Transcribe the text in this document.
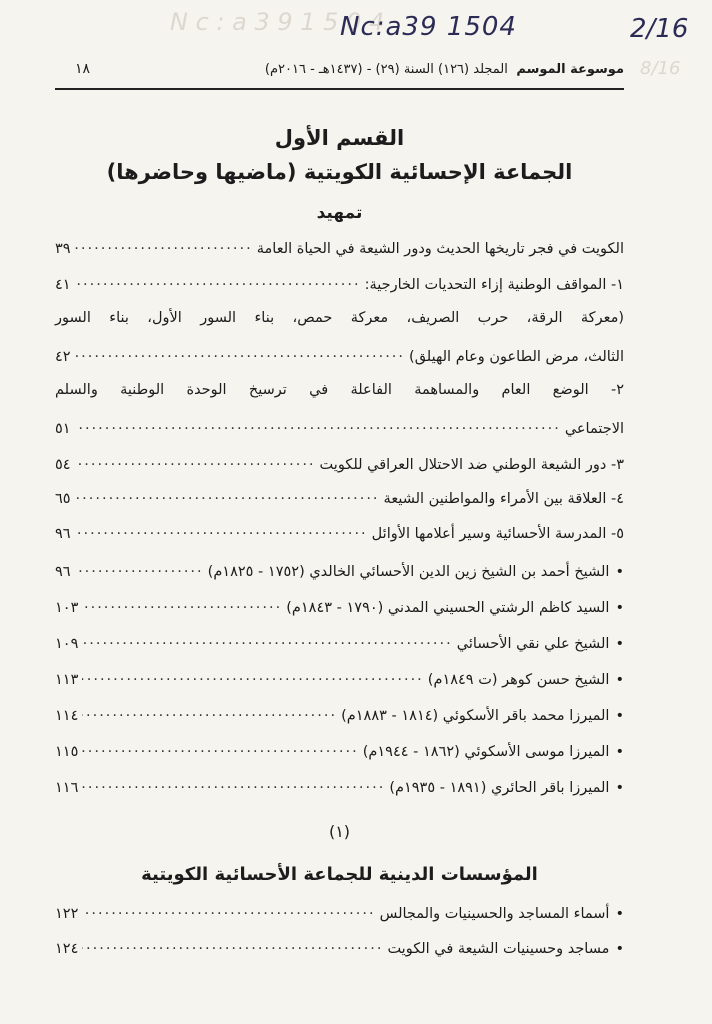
N c : a 3 9 1 5 0 4
8/16
Nc:a39 1504	2/16
موسوعة الموسم المجلد (١٢٦) السنة (٢٩) - (١٤٣٧هـ - ٢٠١٦م)
١٨
القسم الأول
الجماعة الإحسائية الكويتية (ماضيها وحاضرها)
تمهيد
الكويت في فجر تاريخها الحديث ودور الشيعة في الحياة العامة
.....
٣٩
١- المواقف الوطنية إزاء التحديات الخارجية:
.....
٤١
(معركة الرقة، حرب الصريف، معركة حمص، بناء السور الأول، بناء السور
الثالث، مرض الطاعون وعام الهيلق)
.....
٤٢
٢- الوضع العام والمساهمة الفاعلة في ترسيخ الوحدة الوطنية والسلم
الاجتماعي
.....
٥١
٣- دور الشيعة الوطني ضد الاحتلال العراقي للكويت
.....
٥٤
٤- العلاقة بين الأمراء والمواطنين الشيعة
.....
٦٥
٥- المدرسة الأحسائية وسير أعلامها الأوائل
.....
٩٦
•الشيخ أحمد بن الشيخ زين الدين الأحسائي الخالدي (١٧٥٢ - ١٨٢٥م)
.....
٩٦
•السيد كاظم الرشتي الحسيني المدني (١٧٩٠ - ١٨٤٣م)
.....
١٠٣
•الشيخ علي نقي الأحسائي
.....
١٠٩
•الشيخ حسن كوهر (ت ١٨٤٩م)
.....
١١٣
•الميرزا محمد باقر الأسكوئي (١٨١٤ - ١٨٨٣م)
.....
١١٤
•الميرزا موسى الأسكوئي (١٨٦٢ - ١٩٤٤م)
.....
١١٥
•الميرزا باقر الحائري (١٨٩١ - ١٩٣٥م)
.....
١١٦
(١)
المؤسسات الدينية للجماعة الأحسائية الكويتية
•أسماء المساجد والحسينيات والمجالس
.....
١٢٢
•مساجد وحسينيات الشيعة في الكويت
.....
١٢٤
